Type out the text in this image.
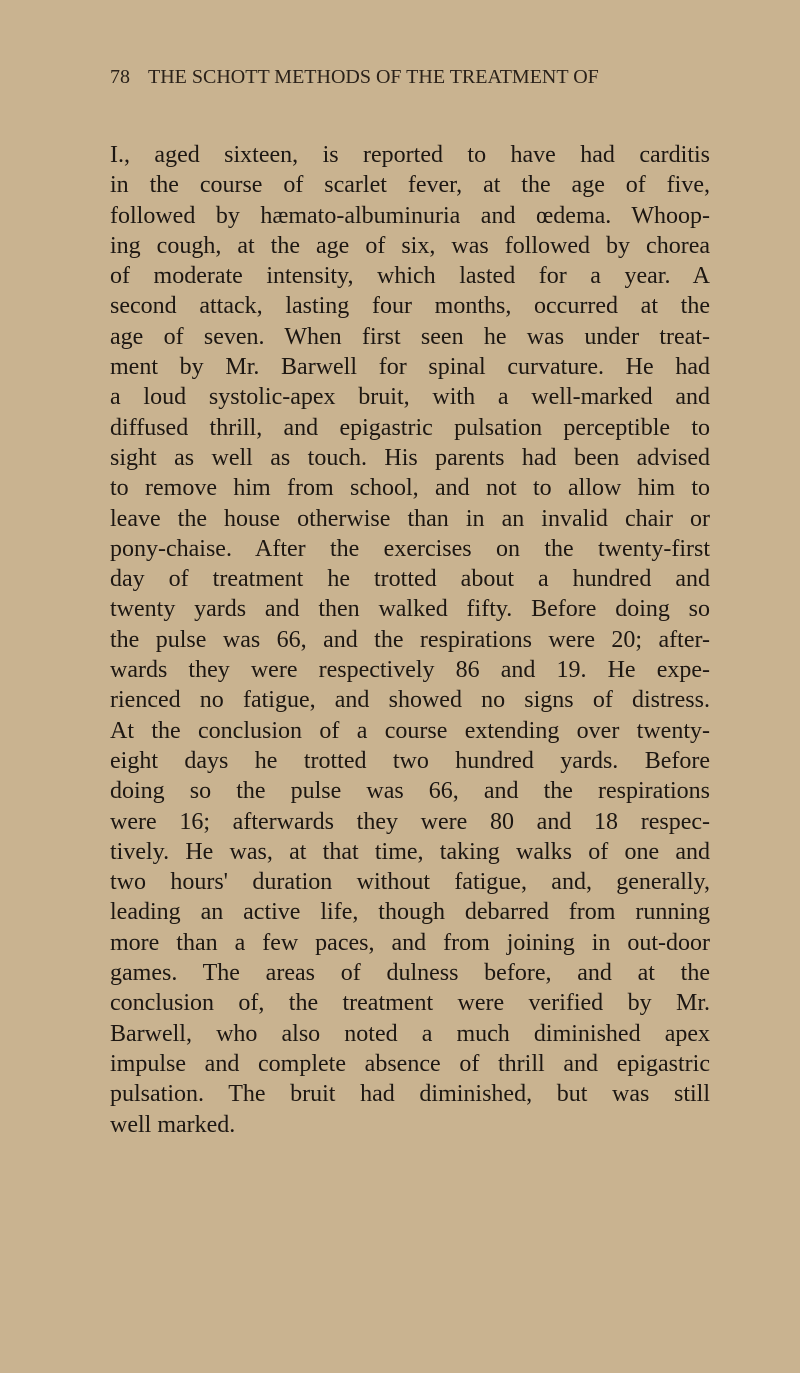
78 THE SCHOTT METHODS OF THE TREATMENT OF
I., aged sixteen, is reported to have had carditis
in the course of scarlet fever, at the age of five,
followed by hæmato-albuminuria and œdema. Whoop-
ing cough, at the age of six, was followed by chorea
of moderate intensity, which lasted for a year. A
second attack, lasting four months, occurred at the
age of seven. When first seen he was under treat-
ment by Mr. Barwell for spinal curvature. He had
a loud systolic-apex bruit, with a well-marked and
diffused thrill, and epigastric pulsation perceptible to
sight as well as touch. His parents had been advised
to remove him from school, and not to allow him to
leave the house otherwise than in an invalid chair or
pony-chaise. After the exercises on the twenty-first
day of treatment he trotted about a hundred and
twenty yards and then walked fifty. Before doing so
the pulse was 66, and the respirations were 20; after-
wards they were respectively 86 and 19. He expe-
rienced no fatigue, and showed no signs of distress.
At the conclusion of a course extending over twenty-
eight days he trotted two hundred yards. Before
doing so the pulse was 66, and the respirations
were 16; afterwards they were 80 and 18 respec-
tively. He was, at that time, taking walks of one and
two hours' duration without fatigue, and, generally,
leading an active life, though debarred from running
more than a few paces, and from joining in out-door
games. The areas of dulness before, and at the
conclusion of, the treatment were verified by Mr.
Barwell, who also noted a much diminished apex
impulse and complete absence of thrill and epigastric
pulsation. The bruit had diminished, but was still
well marked.
